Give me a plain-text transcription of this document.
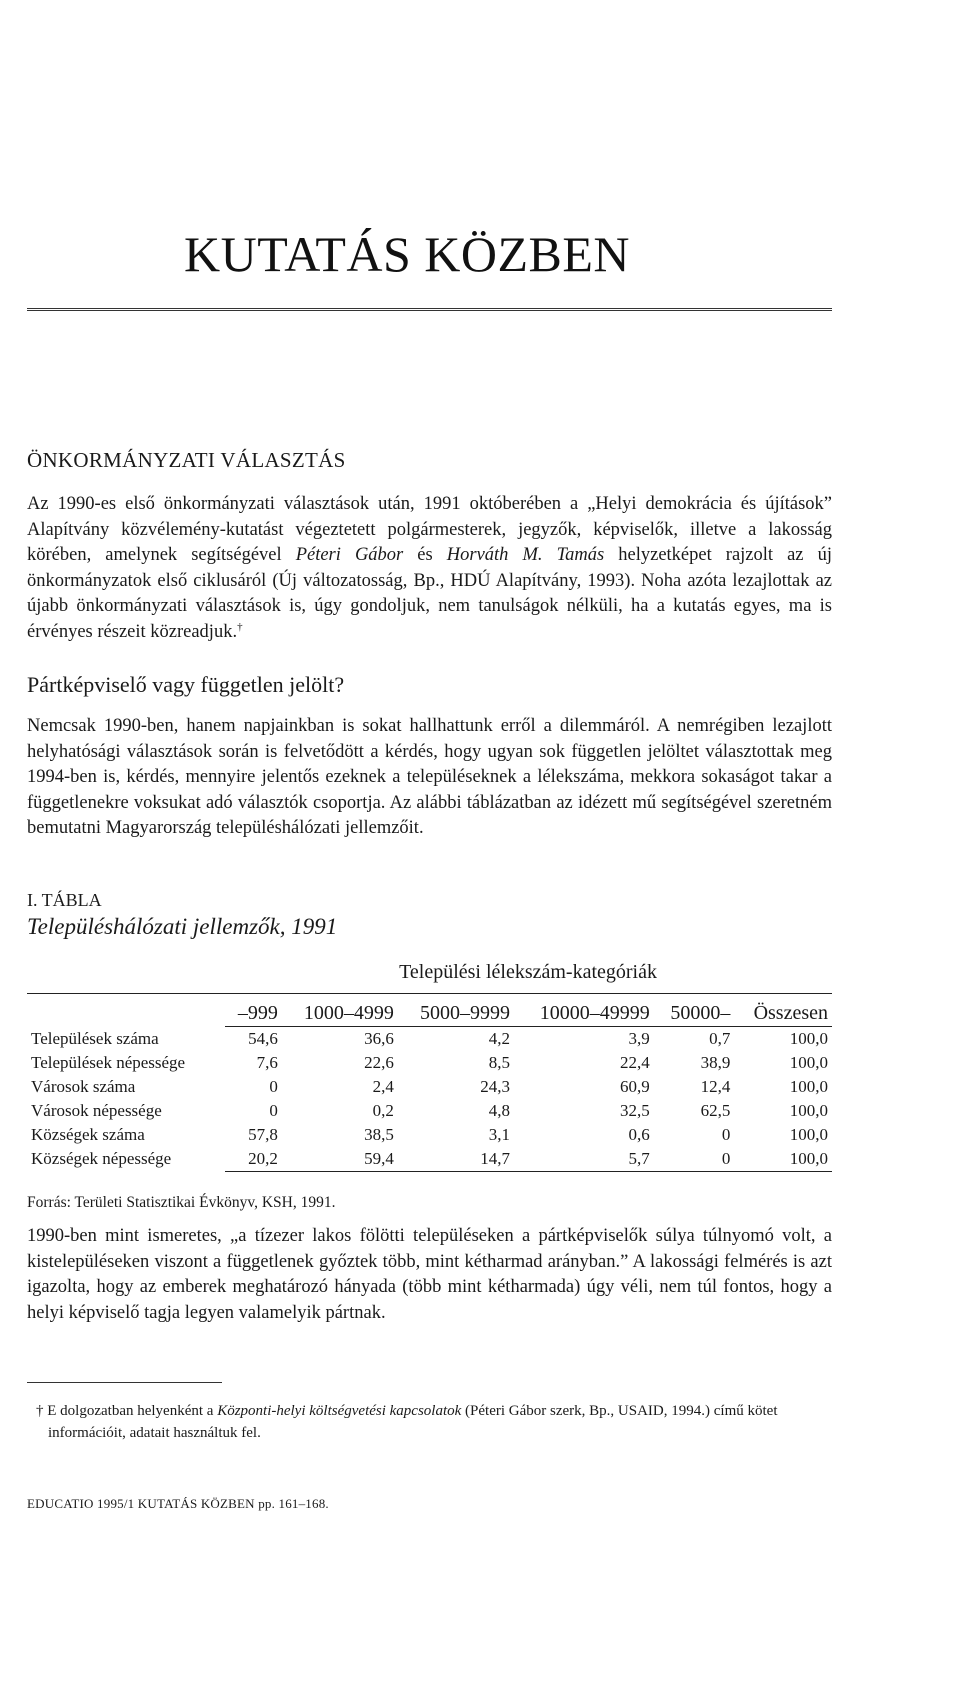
KUTATÁS KÖZBEN
ÖNKORMÁNYZATI VÁLASZTÁS

Az 1990-es első önkormányzati választások után, 1991 októberében a „Helyi demokrácia és újítások” Alapítvány közvélemény-kutatást végeztetett polgármesterek, jegyzők, képviselők, illetve a lakosság körében, amelynek segítségével Péteri Gábor és Horváth M. Tamás helyzetképet rajzolt az új önkormányzatok első ciklusáról (Új változatosság, Bp., HDÚ Alapítvány, 1993). Noha azóta lezajlottak az újabb önkormányzati választások is, úgy gondoljuk, nem tanulságok nélküli, ha a kutatás egyes, ma is érvényes részeit közreadjuk.†

Pártképviselő vagy független jelölt?

Nemcsak 1990-ben, hanem napjainkban is sokat hallhattunk erről a dilemmáról. A nemrégiben lezajlott helyhatósági választások során is felvetődött a kérdés, hogy ugyan sok független jelöltet választottak meg 1994-ben is, kérdés, mennyire jelentős ezeknek a településeknek a lélekszáma, mekkora sokaságot takar a függetlenekre voksukat adó választók csoportja. Az alábbi táblázatban az idézett mű segítségével szeretném bemutatni Magyarország településhálózati jellemzőit.

I. TÁBLA
Településhálózati jellemzők, 1991
Települési lélekszám-kategóriák						
	–999	1000–4999	5000–9999	10000–49999	50000–	Összesen
Települések száma	54,6	36,6	4,2	3,9	0,7	100,0
Települések népessége	7,6	22,6	8,5	22,4	38,9	100,0
Városok száma	0	2,4	24,3	60,9	12,4	100,0
Városok népessége	0	0,2	4,8	32,5	62,5	100,0
Községek száma	57,8	38,5	3,1	0,6	0	100,0
Községek népessége	20,2	59,4	14,7	5,7	0	100,0

Forrás: Területi Statisztikai Évkönyv, KSH, 1991.

1990-ben mint ismeretes, „a tízezer lakos fölötti településeken a pártképviselők súlya túlnyomó volt, a kistelepüléseken viszont a függetlenek győztek több, mint kétharmad arányban.” A lakossági felmérés is azt igazolta, hogy az emberek meghatározó hányada (több mint kétharmada) úgy véli, nem túl fontos, hogy a helyi képviselő tagja legyen valamelyik pártnak.

† E dolgozatban helyenként a Központi-helyi költségvetési kapcsolatok (Péteri Gábor szerk, Bp., USAID, 1994.) című kötet információit, adatait használtuk fel.

EDUCATIO 1995/1 KUTATÁS KÖZBEN pp. 161–168.
